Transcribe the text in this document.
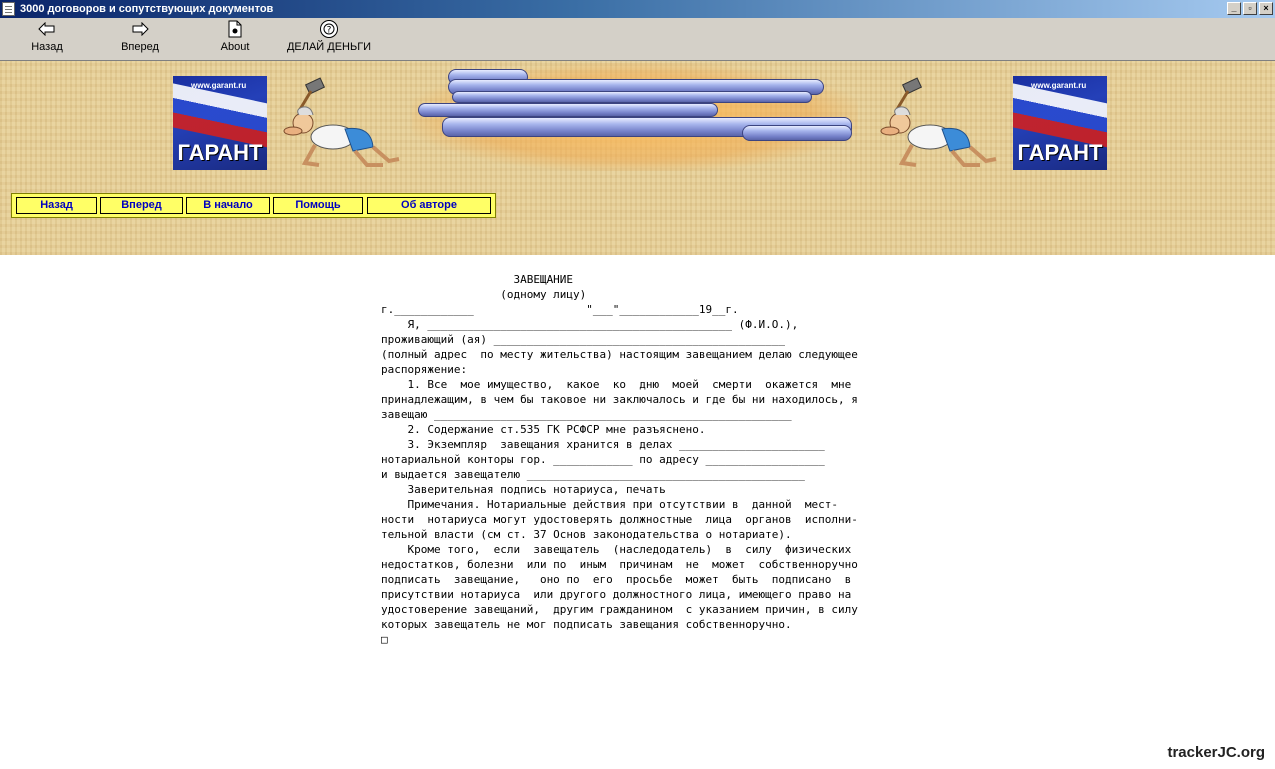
3000 договоров и сопутствующих документов	_	▫	×
Назад	Вперед	About
?
ДЕЛАЙ ДЕНЬГИ
www.garant.ru
ГАРАНТ
www.garant.ru
ГАРАНТ
Назад	Вперед	В начало	Помощь	Об авторе
ЗАВЕЩАНИЕ
(одному лицу)
г.____________                 "___"____________19__г.
Я, ______________________________________________ (Ф.И.О.),
проживающий (ая) ____________________________________________
(полный адрес  по месту жительства) настоящим завещанием делаю следующее
распоряжение:
1. Все  мое имущество,  какое  ко  дню  моей  смерти  окажется  мне
принадлежащим, в чем бы таковое ни заключалось и где бы ни находилось, я
завещаю ______________________________________________________
2. Содержание ст.535 ГК РСФСР мне разъяснено.
3. Экземпляр  завещания хранится в делах ______________________
нотариальной конторы гор. ____________ по адресу __________________
и выдается завещателю __________________________________________
Заверительная подпись нотариуса, печать
Примечания. Нотариальные действия при отсутствии в  данной  мест-
ности  нотариуса могут удостоверять должностные  лица  органов  исполни-
тельной власти (см ст. 37 Основ законодательства о нотариате).
Кроме того,  если  завещатель  (наследодатель)  в  силу  физических
недостатков, болезни  или по  иным  причинам  не  может  собственноручно
подписать  завещание,   оно по  его  просьбе  может  быть  подписано  в
присутствии нотариуса  или другого должностного лица, имеющего право на
удостоверение завещаний,  другим гражданином  с указанием причин, в силу
которых завещатель не мог подписать завещания собственноручно.
□
trackerJC.org
